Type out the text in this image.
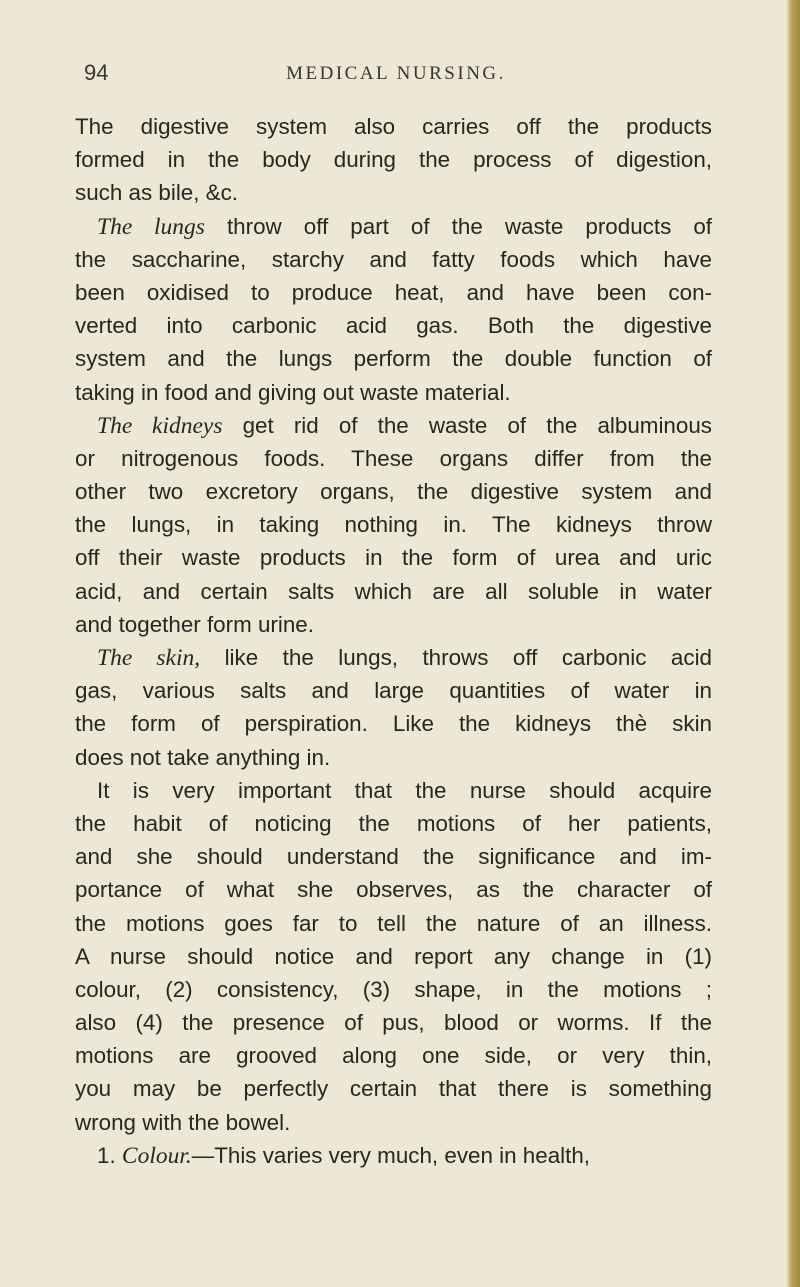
94	MEDICAL NURSING.
The digestive system also carries off the products
formed in the body during the process of digestion,
such as bile, &c.
The lungs throw off part of the waste products of
the saccharine, starchy and fatty foods which have
been oxidised to produce heat, and have been con-
verted into carbonic acid gas. Both the digestive
system and the lungs perform the double function of
taking in food and giving out waste material.
The kidneys get rid of the waste of the albuminous
or nitrogenous foods. These organs differ from the
other two excretory organs, the digestive system and
the lungs, in taking nothing in. The kidneys throw
off their waste products in the form of urea and uric
acid, and certain salts which are all soluble in water
and together form urine.
The skin, like the lungs, throws off carbonic acid
gas, various salts and large quantities of water in
the form of perspiration. Like the kidneys thè skin
does not take anything in.
It is very important that the nurse should acquire
the habit of noticing the motions of her patients,
and she should understand the significance and im-
portance of what she observes, as the character of
the motions goes far to tell the nature of an illness.
A nurse should notice and report any change in (1)
colour, (2) consistency, (3) shape, in the motions ;
also (4) the presence of pus, blood or worms. If the
motions are grooved along one side, or very thin,
you may be perfectly certain that there is something
wrong with the bowel.
1. Colour.—This varies very much, even in health,
